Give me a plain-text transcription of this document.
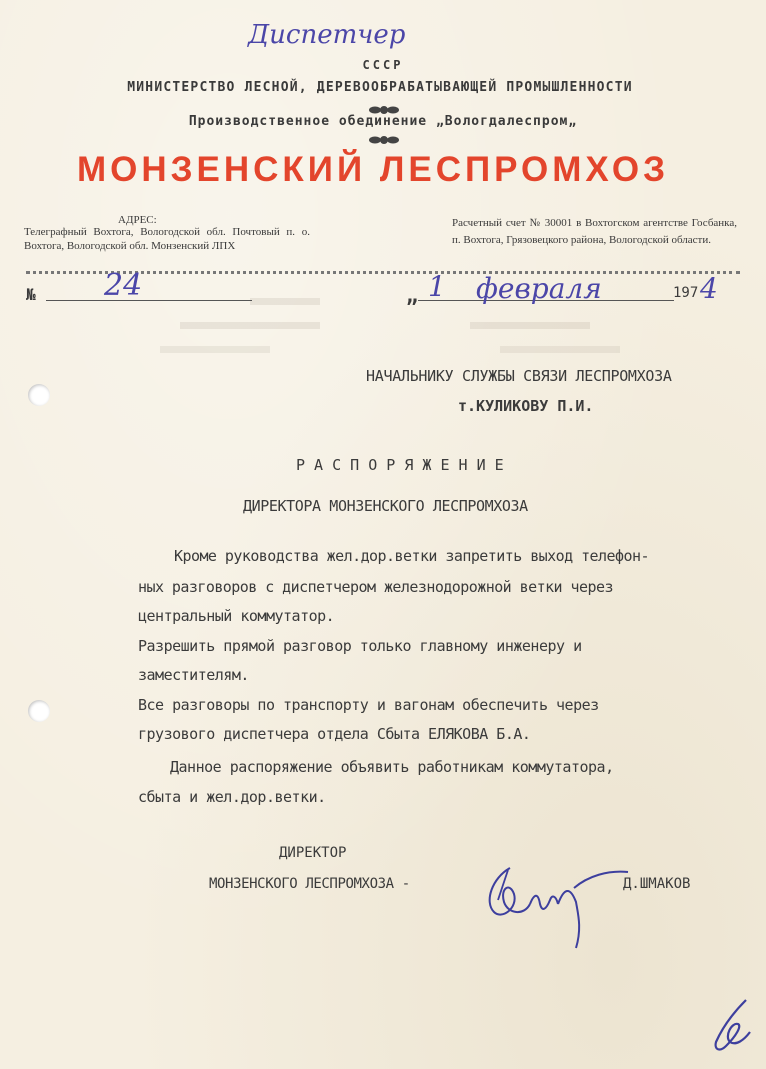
Диспетчер
СССР
МИНИСТЕРСТВО ЛЕСНОЙ, ДЕРЕВООБРАБАТЫВАЮЩЕЙ ПРОМЫШЛЕННОСТИ
Производственное обединение „Вологдалеспром„
МОНЗЕНСКИЙ ЛЕСПРОМХОЗ
АДРЕС:
Телеграфный Вохтога, Вологодской обл. Почтовый п. о. Вохтога, Вологодской обл. Монзенский ЛПХ
Расчетный счет № 30001 в Вохтогском агентстве Госбанка, п. Вохтога, Грязовецкого района, Вологодской области.
№ 24	„ 1 февраля	197 4
НАЧАЛЬНИКУ СЛУЖБЫ СВЯЗИ ЛЕСПРОМХОЗА
т.КУЛИКОВУ П.И.
Р А С П О Р Я Ж Е Н И Е
ДИРЕКТОРА МОНЗЕНСКОГО ЛЕСПРОМХОЗА
Кроме руководства жел.дор.ветки запретить выход телефон-
ных разговоров с диспетчером железнодорожной ветки через
центральный коммутатор.
Разрешить прямой разговор только главному инженеру и
заместителям.
Все разговоры по транспорту и вагонам обеспечить через
грузового диспетчера отдела Сбыта ЕЛЯКОВА Б.А.
Данное распоряжение объявить работникам коммутатора,
сбыта и жел.дор.ветки.
ДИРЕКТОР
МОНЗЕНСКОГО ЛЕСПРОМХОЗА -	Д.ШМАКОВ
